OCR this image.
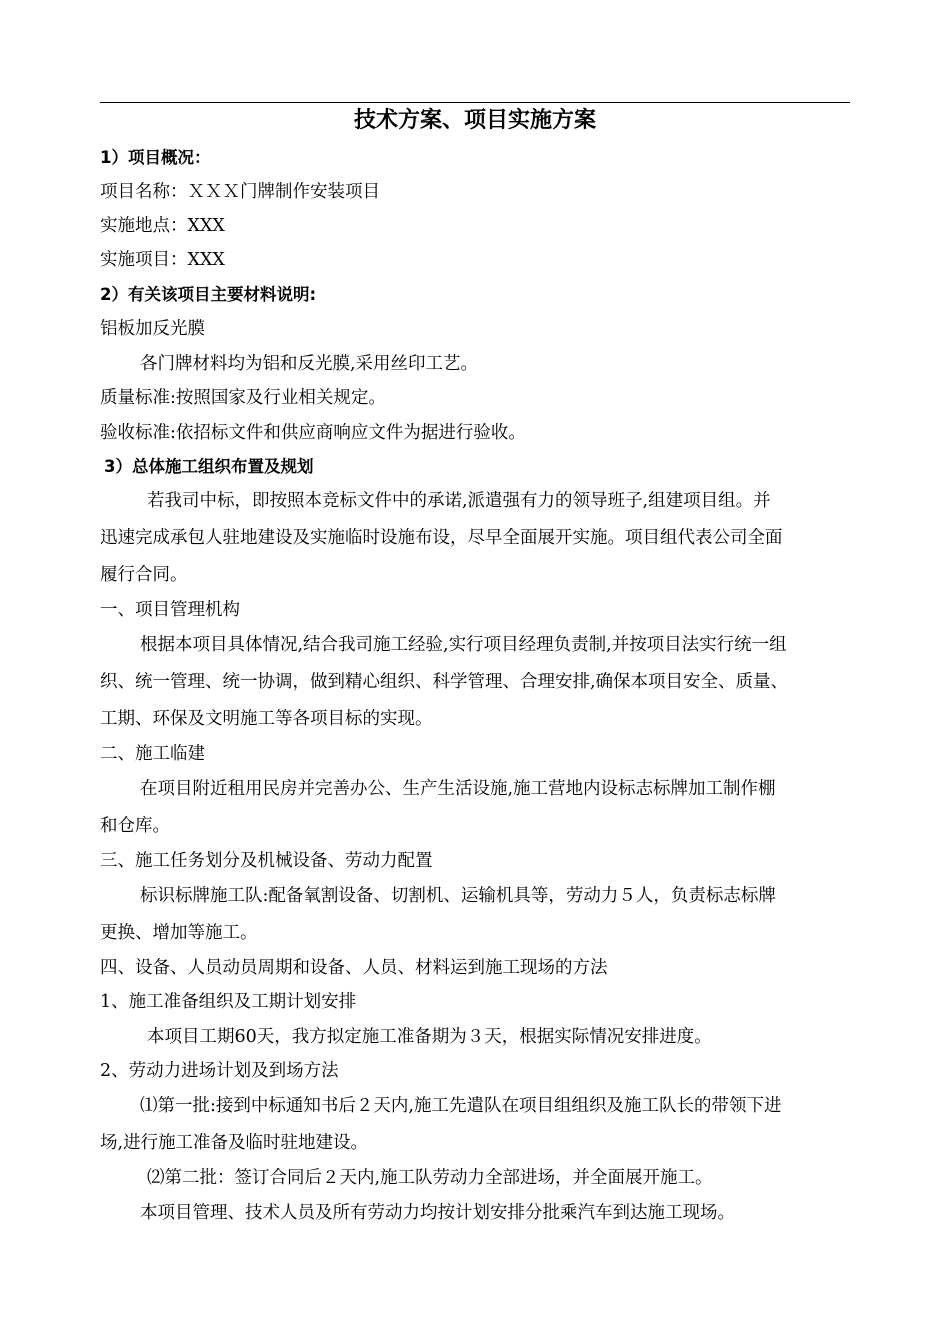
技术方案、项目实施方案
1）项目概况：
项目名称：ＸＸＸ门牌制作安装项目
实施地点：XXX
实施项目：XXX
2）有关该项目主要材料说明:
铝板加反光膜
各门牌材料均为铝和反光膜,采用丝印工艺。
质量标准:按照国家及行业相关规定。
验收标准:依招标文件和供应商响应文件为据进行验收。
3）总体施工组织布置及规划
若我司中标，即按照本竞标文件中的承诺,派遣强有力的领导班子,组建项目组。并
迅速完成承包人驻地建设及实施临时设施布设，尽早全面展开实施。项目组代表公司全面
履行合同。
一、项目管理机构
根据本项目具体情况,结合我司施工经验,实行项目经理负责制,并按项目法实行统一组
织、统一管理、统一协调，做到精心组织、科学管理、合理安排,确保本项目安全、质量、
工期、环保及文明施工等各项目标的实现。
二、施工临建
在项目附近租用民房并完善办公、生产生活设施,施工营地内设标志标牌加工制作棚
和仓库。
三、施工任务划分及机械设备、劳动力配置
标识标牌施工队:配备氧割设备、切割机、运输机具等，劳动力５人，负责标志标牌
更换、增加等施工。
四、设备、人员动员周期和设备、人员、材料运到施工现场的方法
1、施工准备组织及工期计划安排
本项目工期60天，我方拟定施工准备期为３天，根据实际情况安排进度。
2、劳动力进场计划及到场方法
⑴第一批:接到中标通知书后２天内,施工先遣队在项目组组织及施工队长的带领下进
场,进行施工准备及临时驻地建设。
⑵第二批：签订合同后２天内,施工队劳动力全部进场，并全面展开施工。
本项目管理、技术人员及所有劳动力均按计划安排分批乘汽车到达施工现场。
